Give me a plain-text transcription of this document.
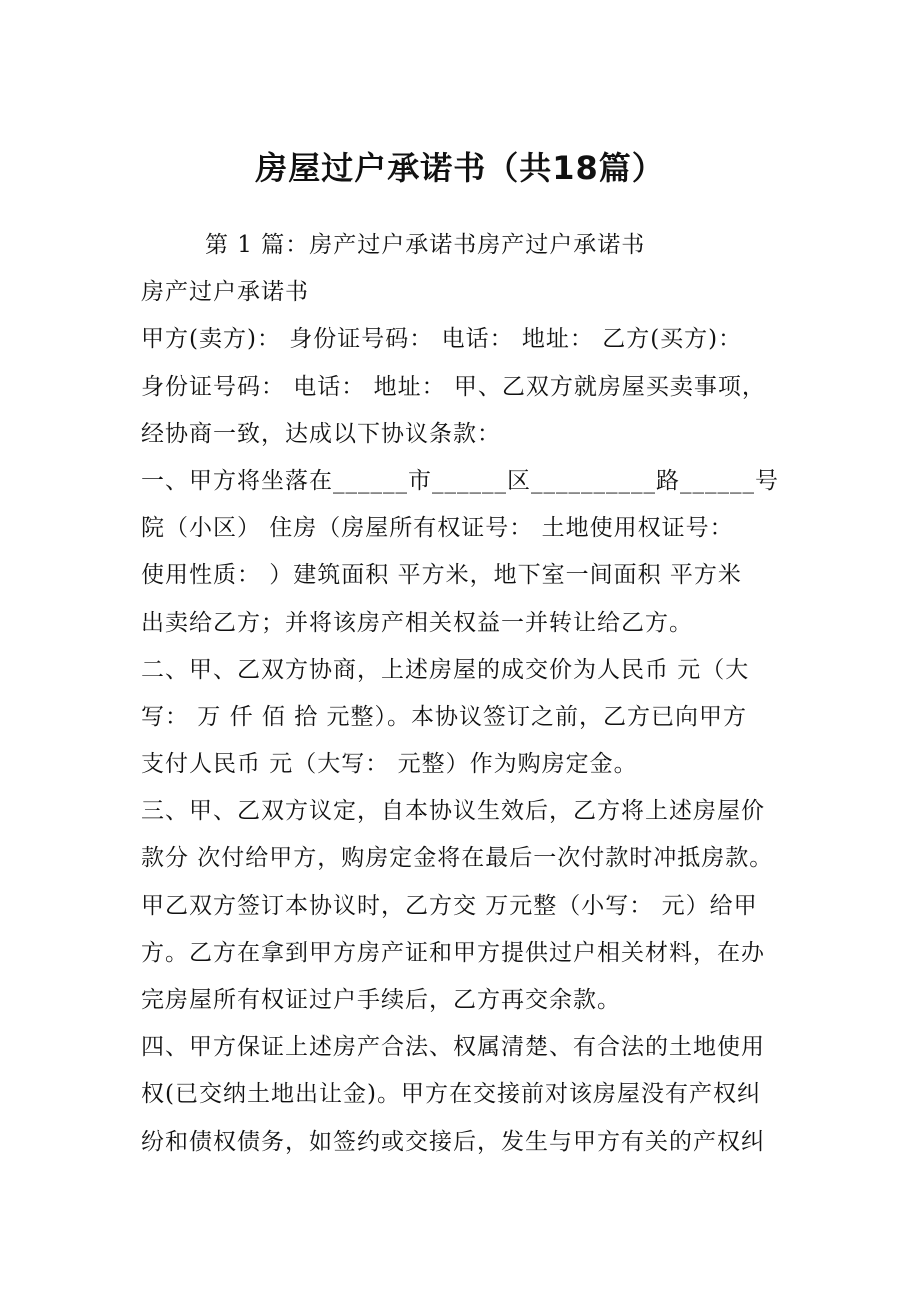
房屋过户承诺书（共18篇）
第 1 篇：房产过户承诺书房产过户承诺书
房产过户承诺书
甲方(卖方)： 身份证号码： 电话： 地址： 乙方(买方)：
身份证号码： 电话： 地址： 甲、乙双方就房屋买卖事项，
经协商一致，达成以下协议条款：
一、甲方将坐落在______市______区__________路______号
院（小区） 住房（房屋所有权证号： 土地使用权证号：
使用性质： ）建筑面积 平方米，地下室一间面积 平方米
出卖给乙方；并将该房产相关权益一并转让给乙方。
二、甲、乙双方协商，上述房屋的成交价为人民币 元（大
写： 万 仟 佰 拾 元整）。本协议签订之前，乙方已向甲方
支付人民币 元（大写： 元整）作为购房定金。
三、甲、乙双方议定，自本协议生效后，乙方将上述房屋价
款分 次付给甲方，购房定金将在最后一次付款时冲抵房款。
甲乙双方签订本协议时，乙方交 万元整（小写： 元）给甲
方。乙方在拿到甲方房产证和甲方提供过户相关材料，在办
完房屋所有权证过户手续后，乙方再交余款。
四、甲方保证上述房产合法、权属清楚、有合法的土地使用
权(已交纳土地出让金)。甲方在交接前对该房屋没有产权纠
纷和债权债务，如签约或交接后，发生与甲方有关的产权纠
